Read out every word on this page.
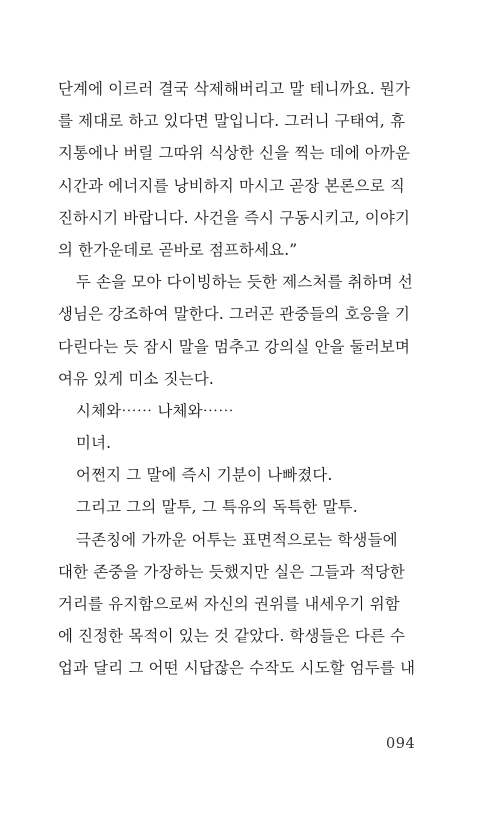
단계에 이르러 결국 삭제해버리고 말 테니까요. 뭔가
를 제대로 하고 있다면 말입니다. 그러니 구태여, 휴
지통에나 버릴 그따위 식상한 신을 찍는 데에 아까운
시간과 에너지를 낭비하지 마시고 곧장 본론으로 직
진하시기 바랍니다. 사건을 즉시 구동시키고, 이야기
의 한가운데로 곧바로 점프하세요.”
두 손을 모아 다이빙하는 듯한 제스처를 취하며 선
생님은 강조하여 말한다. 그러곤 관중들의 호응을 기
다린다는 듯 잠시 말을 멈추고 강의실 안을 둘러보며
여유 있게 미소 짓는다.
시체와⋯⋯ 나체와⋯⋯
미녀.
어쩐지 그 말에 즉시 기분이 나빠졌다.
그리고 그의 말투, 그 특유의 독특한 말투.
극존칭에 가까운 어투는 표면적으로는 학생들에
대한 존중을 가장하는 듯했지만 실은 그들과 적당한
거리를 유지함으로써 자신의 권위를 내세우기 위함
에 진정한 목적이 있는 것 같았다. 학생들은 다른 수
업과 달리 그 어떤 시답잖은 수작도 시도할 엄두를 내
094
